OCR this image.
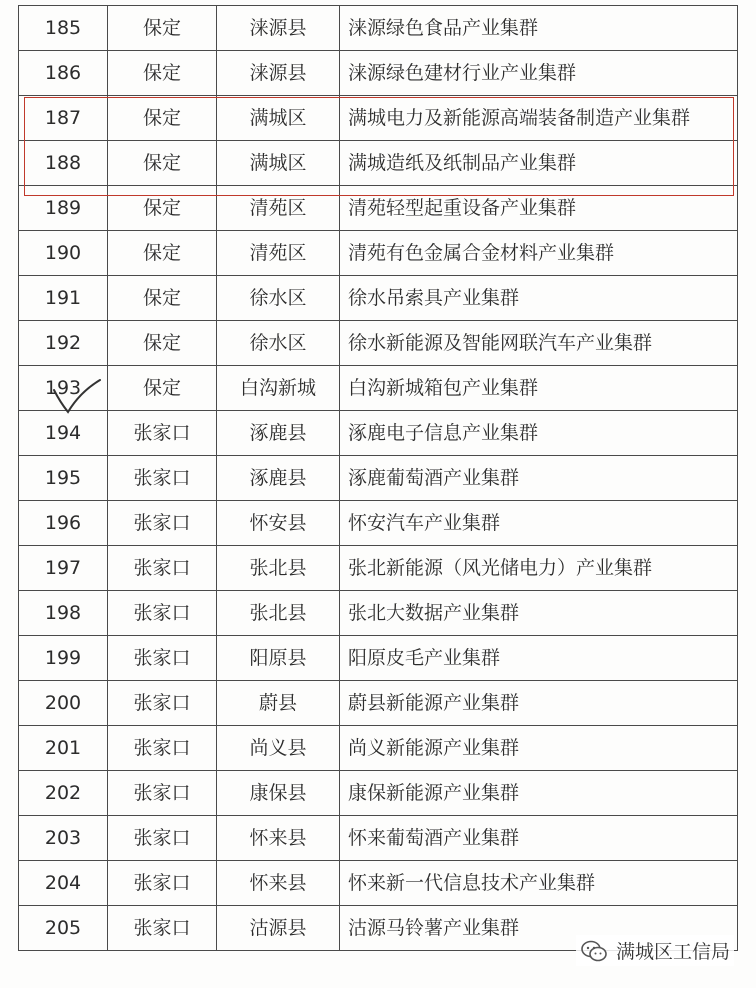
185	保定	涞源县	涞源绿色食品产业集群
186	保定	涞源县	涞源绿色建材行业产业集群
187	保定	满城区	满城电力及新能源高端装备制造产业集群
188	保定	满城区	满城造纸及纸制品产业集群
189	保定	清苑区	清苑轻型起重设备产业集群
190	保定	清苑区	清苑有色金属合金材料产业集群
191	保定	徐水区	徐水吊索具产业集群
192	保定	徐水区	徐水新能源及智能网联汽车产业集群
193	保定	白沟新城	白沟新城箱包产业集群
194	张家口	涿鹿县	涿鹿电子信息产业集群
195	张家口	涿鹿县	涿鹿葡萄酒产业集群
196	张家口	怀安县	怀安汽车产业集群
197	张家口	张北县	张北新能源（风光储电力）产业集群
198	张家口	张北县	张北大数据产业集群
199	张家口	阳原县	阳原皮毛产业集群
200	张家口	蔚县	蔚县新能源产业集群
201	张家口	尚义县	尚义新能源产业集群
202	张家口	康保县	康保新能源产业集群
203	张家口	怀来县	怀来葡萄酒产业集群
204	张家口	怀来县	怀来新一代信息技术产业集群
205	张家口	沽源县	沽源马铃薯产业集群
满城区工信局
